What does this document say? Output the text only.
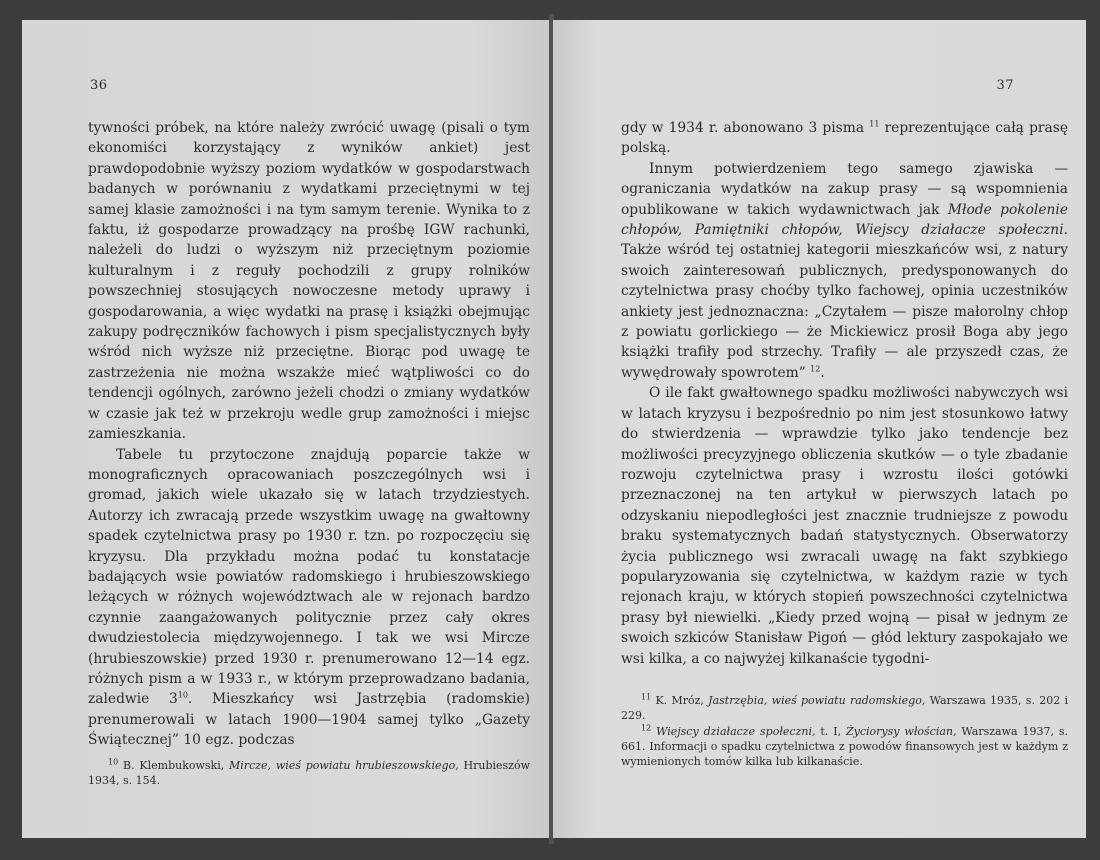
36

tywności próbek, na które należy zwrócić uwagę (pisali o tym ekonomiści korzystający z wyników ankiet) jest prawdopodobnie wyższy poziom wydatków w gospodarstwach badanych w porównaniu z wydatkami przeciętnymi w tej samej klasie zamożności i na tym samym terenie. Wynika to z faktu, iż gospodarze prowadzący na prośbę IGW rachunki, należeli do ludzi o wyższym niż przeciętnym poziomie kulturalnym i z reguły pochodzili z grupy rolników powszechniej stosujących nowoczesne metody uprawy i gospodarowania, a więc wydatki na prasę i książki obejmując zakupy podręczników fachowych i pism specjalistycznych były wśród nich wyższe niż przeciętne. Biorąc pod uwagę te zastrzeżenia nie można wszakże mieć wątpliwości co do tendencji ogólnych, zarówno jeżeli chodzi o zmiany wydatków w czasie jak też w przekroju wedle grup zamożności i miejsc zamieszkania.

Tabele tu przytoczone znajdują poparcie także w monograficznych opracowaniach poszczególnych wsi i gromad, jakich wiele ukazało się w latach trzydziestych. Autorzy ich zwracają przede wszystkim uwagę na gwałtowny spadek czytelnictwa prasy po 1930 r. tzn. po rozpoczęciu się kryzysu. Dla przykładu można podać tu konstatacje badających wsie powiatów radomskiego i hrubieszowskiego leżących w różnych województwach ale w rejonach bardzo czynnie zaangażowanych politycznie przez cały okres dwudziestolecia międzywojennego. I tak we wsi Mircze (hrubieszowskie) przed 1930 r. prenumerowano 12—14 egz. różnych pism a w 1933 r., w którym przeprowadzano badania, zaledwie $3^{10}$. Mieszkańcy wsi Jastrzębia (radomskie) prenumerowali w latach 1900—1904 samej tylko „Gazety Świątecznej” 10 egz. podczas

$^{10}$ B. Klembukowski, Mircze, wieś powiatu hrubieszowskiego, Hrubieszów 1934, s. 154.

37

gdy w 1934 r. abonowano 3 pisma $^{11}$ reprezentujące całą prasę polską.

Innym potwierdzeniem tego samego zjawiska — ograniczania wydatków na zakup prasy — są wspomnienia opublikowane w takich wydawnictwach jak Młode pokolenie chłopów, Pamiętniki chłopów, Wiejscy działacze społeczni. Także wśród tej ostatniej kategorii mieszkańców wsi, z natury swoich zainteresowań publicznych, predysponowanych do czytelnictwa prasy choćby tylko fachowej, opinia uczestników ankiety jest jednoznaczna: „Czytałem — pisze małorolny chłop z powiatu gorlickiego — że Mickiewicz prosił Boga aby jego książki trafiły pod strzechy. Trafiły — ale przyszedł czas, że wywędrowały spowrotem” $^{12}$.

O ile fakt gwałtownego spadku możliwości nabywczych wsi w latach kryzysu i bezpośrednio po nim jest stosunkowo łatwy do stwierdzenia — wprawdzie tylko jako tendencje bez możliwości precyzyjnego obliczenia skutków — o tyle zbadanie rozwoju czytelnictwa prasy i wzrostu ilości gotówki przeznaczonej na ten artykuł w pierwszych latach po odzyskaniu niepodległości jest znacznie trudniejsze z powodu braku systematycznych badań statystycznych. Obserwatorzy życia publicznego wsi zwracali uwagę na fakt szybkiego popularyzowania się czytelnictwa, w każdym razie w tych rejonach kraju, w których stopień powszechności czytelnictwa prasy był niewielki. „Kiedy przed wojną — pisał w jednym ze swoich szkiców Stanisław Pigoń — głód lektury zaspokajało we wsi kilka, a co najwyżej kilkanaście tygodni-

$^{11}$ K. Mróz, Jastrzębia, wieś powiatu radomskiego, Warszawa 1935, s. 202 i 229.

$^{12}$ Wiejscy działacze społeczni, t. I, Życiorysy włościan, Warszawa 1937, s. 661. Informacji o spadku czytelnictwa z powodów finansowych jest w każdym z wymienionych tomów kilka lub kilkanaście.
